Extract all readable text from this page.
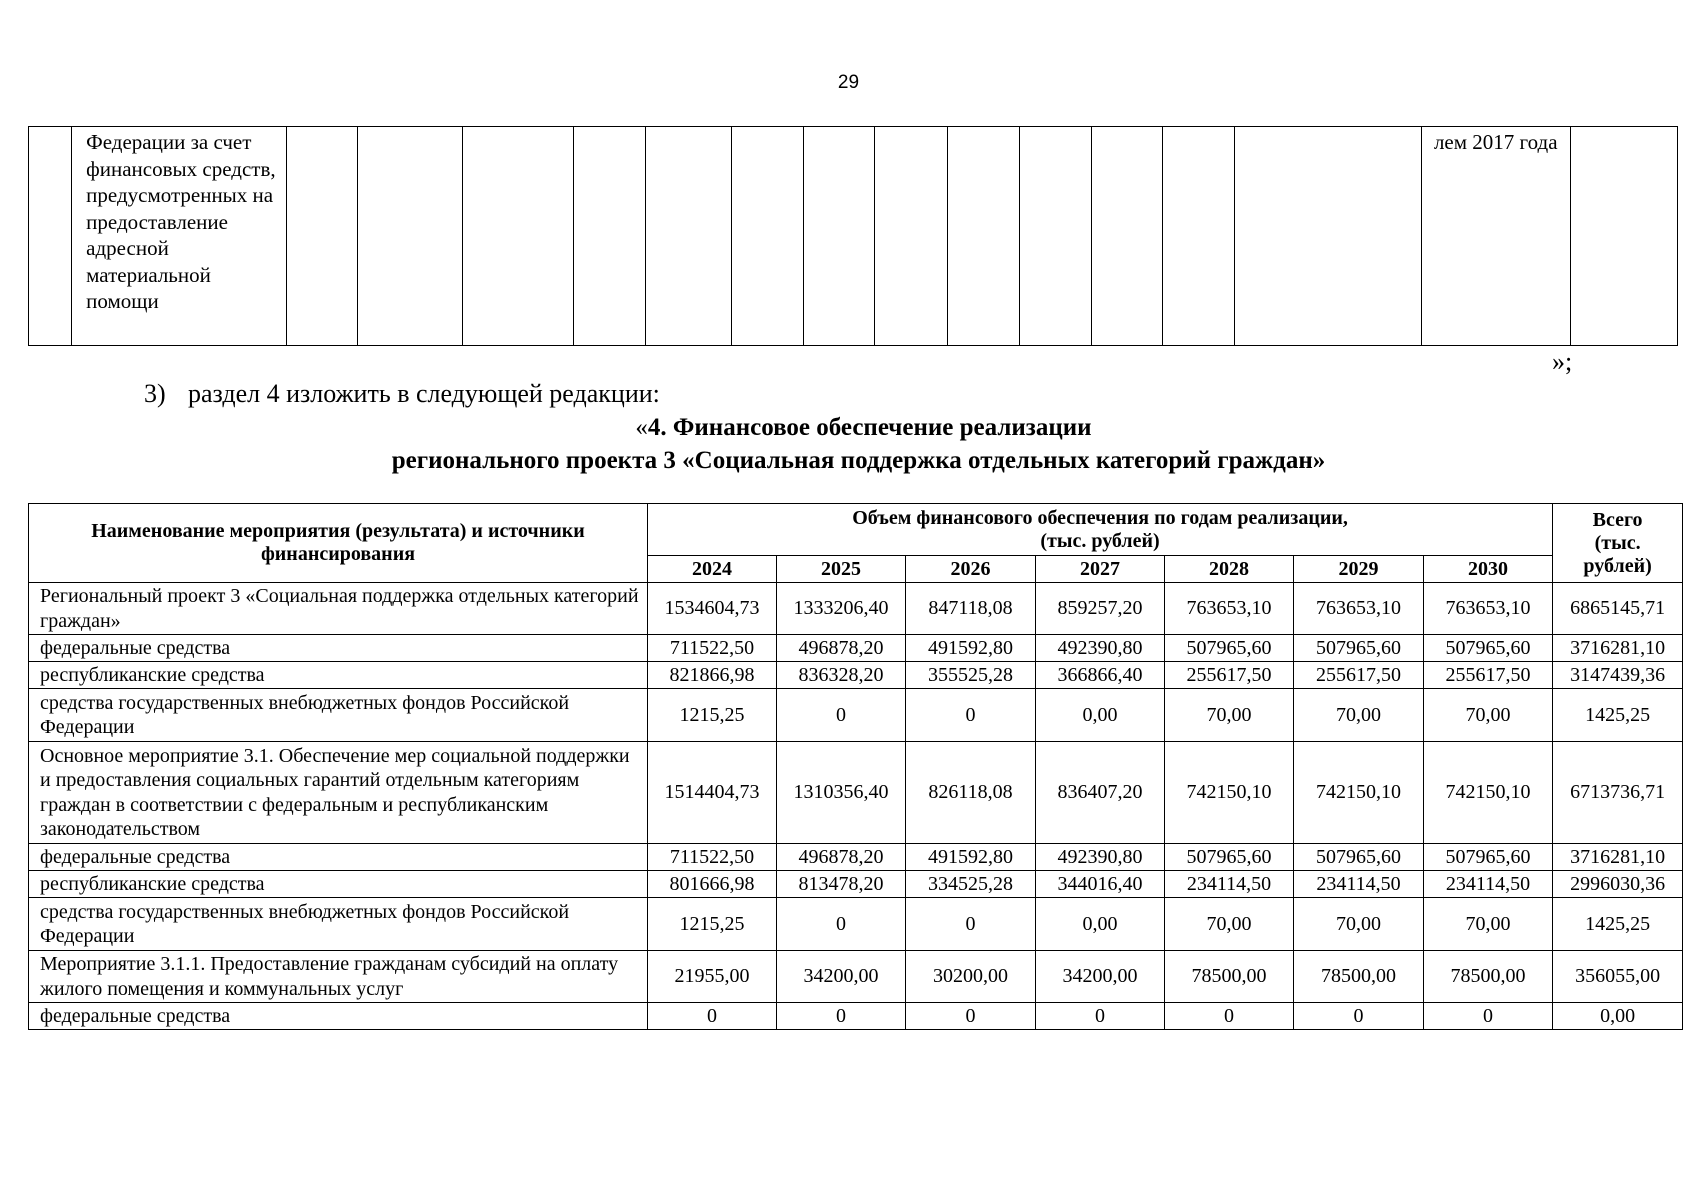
29
	Федерации за счет финансовых средств, предусмотренных на предоставление адресной материальной помощи														лем 2017 года	
»;
3) раздел 4 изложить в следующей редакции:
«4. Финансовое обеспечение реализации
регионального проекта 3 «Социальная поддержка отдельных категорий граждан»
Наименование мероприятия (результата) и источники финансирования	Объем финансового обеспечения по годам реализации, (тыс. рублей)							Всего (тыс. рублей)
	2024	2025	2026	2027	2028	2029	2030	
Региональный проект 3 «Социальная поддержка отдельных категорий граждан»	1534604,73	1333206,40	847118,08	859257,20	763653,10	763653,10	763653,10	6865145,71
федеральные средства	711522,50	496878,20	491592,80	492390,80	507965,60	507965,60	507965,60	3716281,10
республиканские средства	821866,98	836328,20	355525,28	366866,40	255617,50	255617,50	255617,50	3147439,36
средства государственных внебюджетных фондов Российской Федерации	1215,25	0	0	0,00	70,00	70,00	70,00	1425,25
Основное мероприятие 3.1. Обеспечение мер социальной поддержки и предоставления социальных гарантий отдельным категориям граждан в соответствии с федеральным и республиканским законодательством	1514404,73	1310356,40	826118,08	836407,20	742150,10	742150,10	742150,10	6713736,71
федеральные средства	711522,50	496878,20	491592,80	492390,80	507965,60	507965,60	507965,60	3716281,10
республиканские средства	801666,98	813478,20	334525,28	344016,40	234114,50	234114,50	234114,50	2996030,36
средства государственных внебюджетных фондов Российской Федерации	1215,25	0	0	0,00	70,00	70,00	70,00	1425,25
Мероприятие 3.1.1. Предоставление гражданам субсидий на оплату жилого помещения и коммунальных услуг	21955,00	34200,00	30200,00	34200,00	78500,00	78500,00	78500,00	356055,00
федеральные средства	0	0	0	0	0	0	0	0,00
